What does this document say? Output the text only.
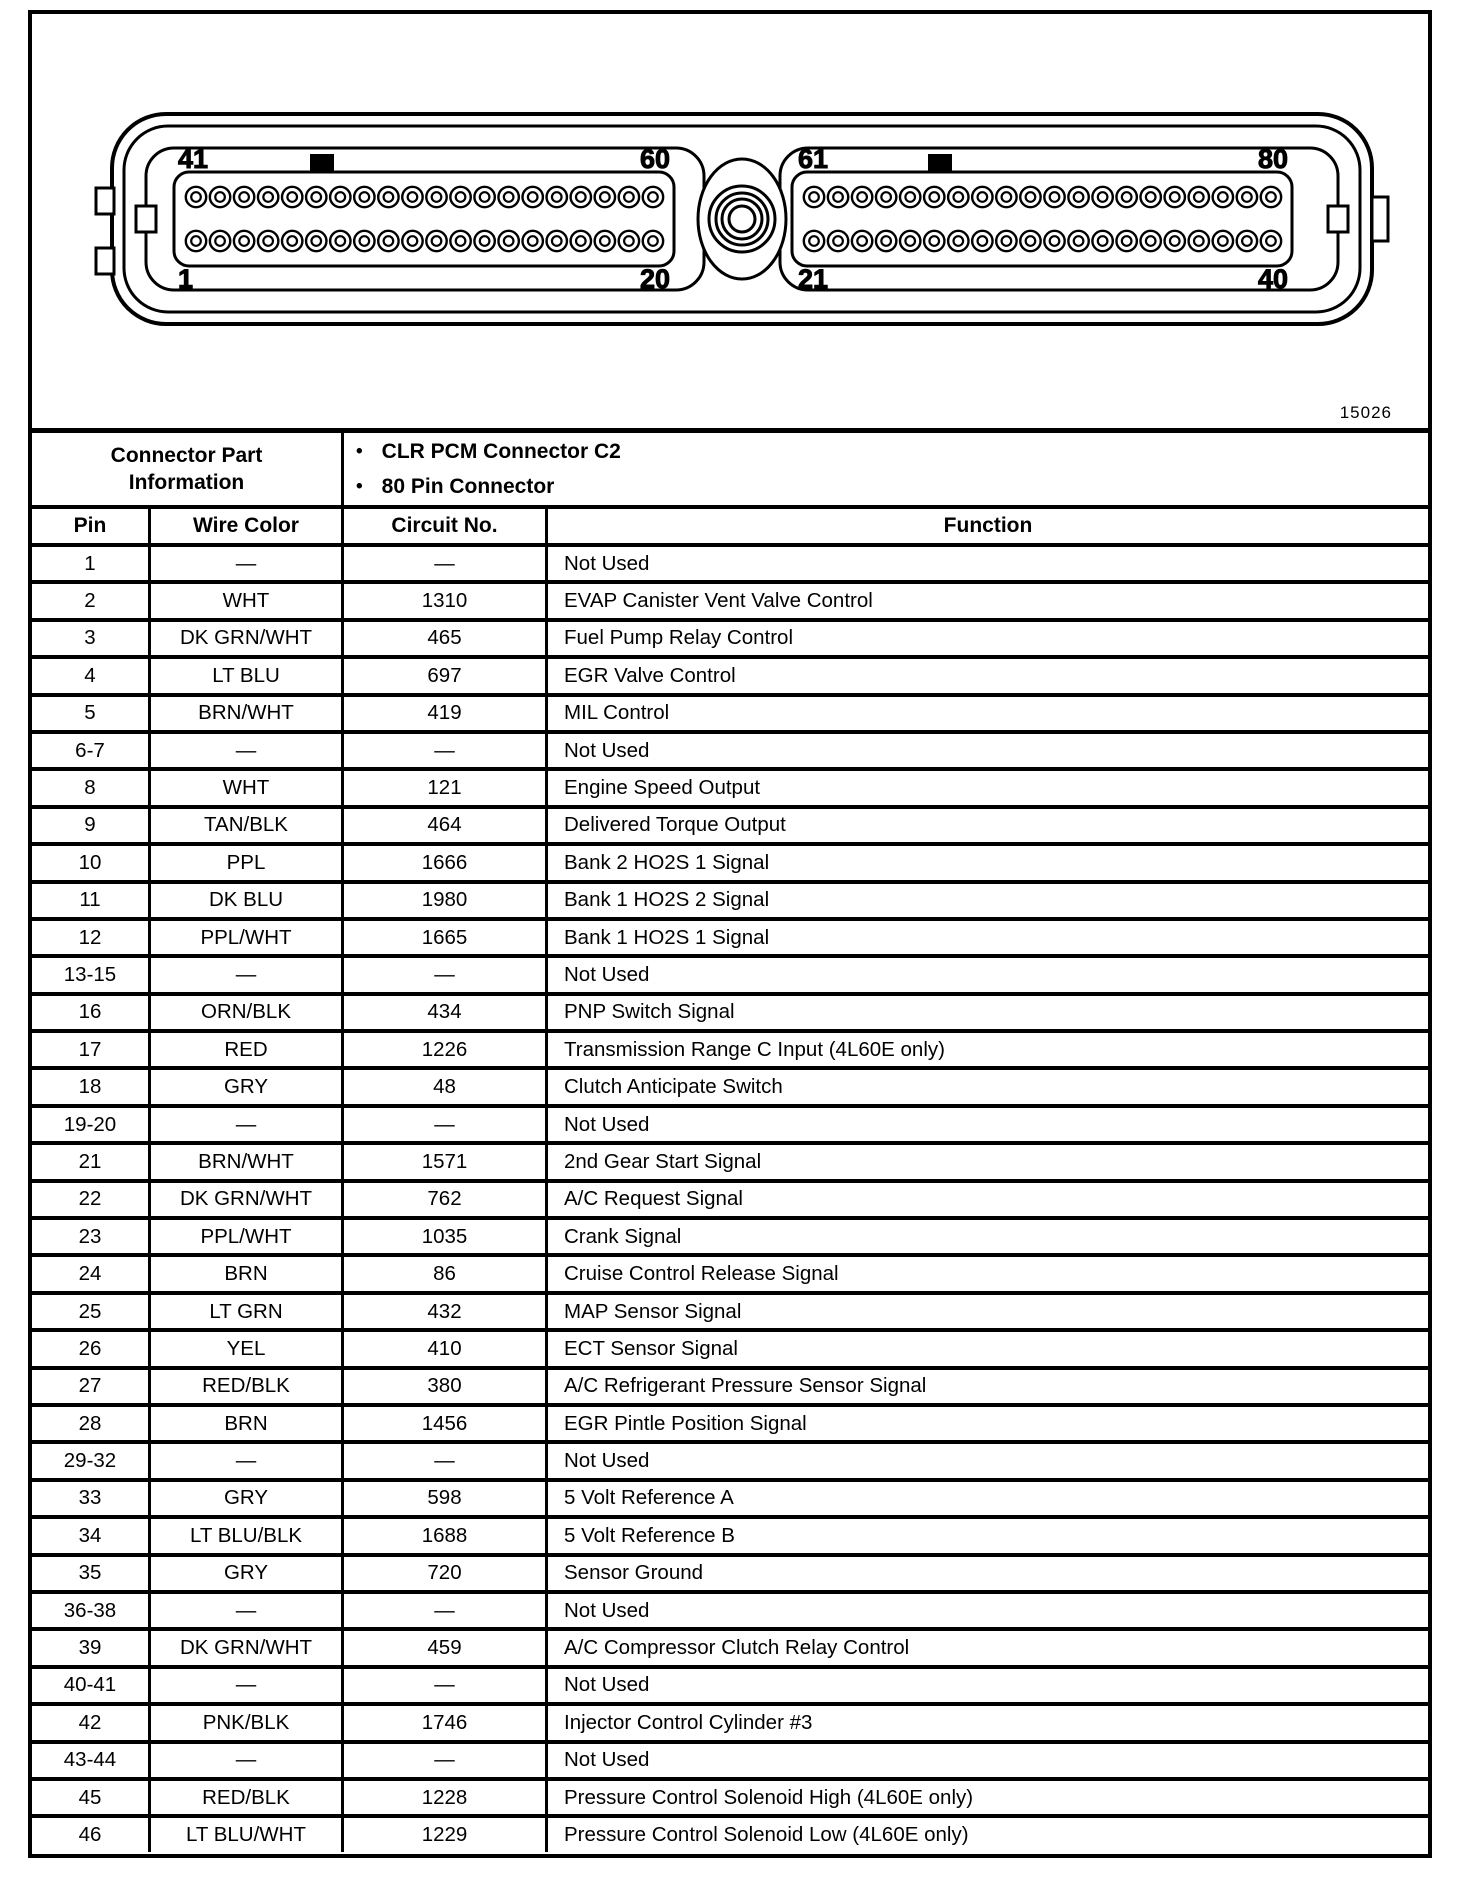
41	60
1	20
61	80
21	40
15026
Connector Part
Information
• CLR PCM Connector C2
• 80 Pin Connector
Pin	Wire Color	Circuit No.	Function
1	—	—	Not Used
2	WHT	1310	EVAP Canister Vent Valve Control
3	DK GRN/WHT	465	Fuel Pump Relay Control
4	LT BLU	697	EGR Valve Control
5	BRN/WHT	419	MIL Control
6-7	—	—	Not Used
8	WHT	121	Engine Speed Output
9	TAN/BLK	464	Delivered Torque Output
10	PPL	1666	Bank 2 HO2S 1 Signal
11	DK BLU	1980	Bank 1 HO2S 2 Signal
12	PPL/WHT	1665	Bank 1 HO2S 1 Signal
13-15	—	—	Not Used
16	ORN/BLK	434	PNP Switch Signal
17	RED	1226	Transmission Range C Input (4L60E only)
18	GRY	48	Clutch Anticipate Switch
19-20	—	—	Not Used
21	BRN/WHT	1571	2nd Gear Start Signal
22	DK GRN/WHT	762	A/C Request Signal
23	PPL/WHT	1035	Crank Signal
24	BRN	86	Cruise Control Release Signal
25	LT GRN	432	MAP Sensor Signal
26	YEL	410	ECT Sensor Signal
27	RED/BLK	380	A/C Refrigerant Pressure Sensor Signal
28	BRN	1456	EGR Pintle Position Signal
29-32	—	—	Not Used
33	GRY	598	5 Volt Reference A
34	LT BLU/BLK	1688	5 Volt Reference B
35	GRY	720	Sensor Ground
36-38	—	—	Not Used
39	DK GRN/WHT	459	A/C Compressor Clutch Relay Control
40-41	—	—	Not Used
42	PNK/BLK	1746	Injector Control Cylinder #3
43-44	—	—	Not Used
45	RED/BLK	1228	Pressure Control Solenoid High (4L60E only)
46	LT BLU/WHT	1229	Pressure Control Solenoid Low (4L60E only)
